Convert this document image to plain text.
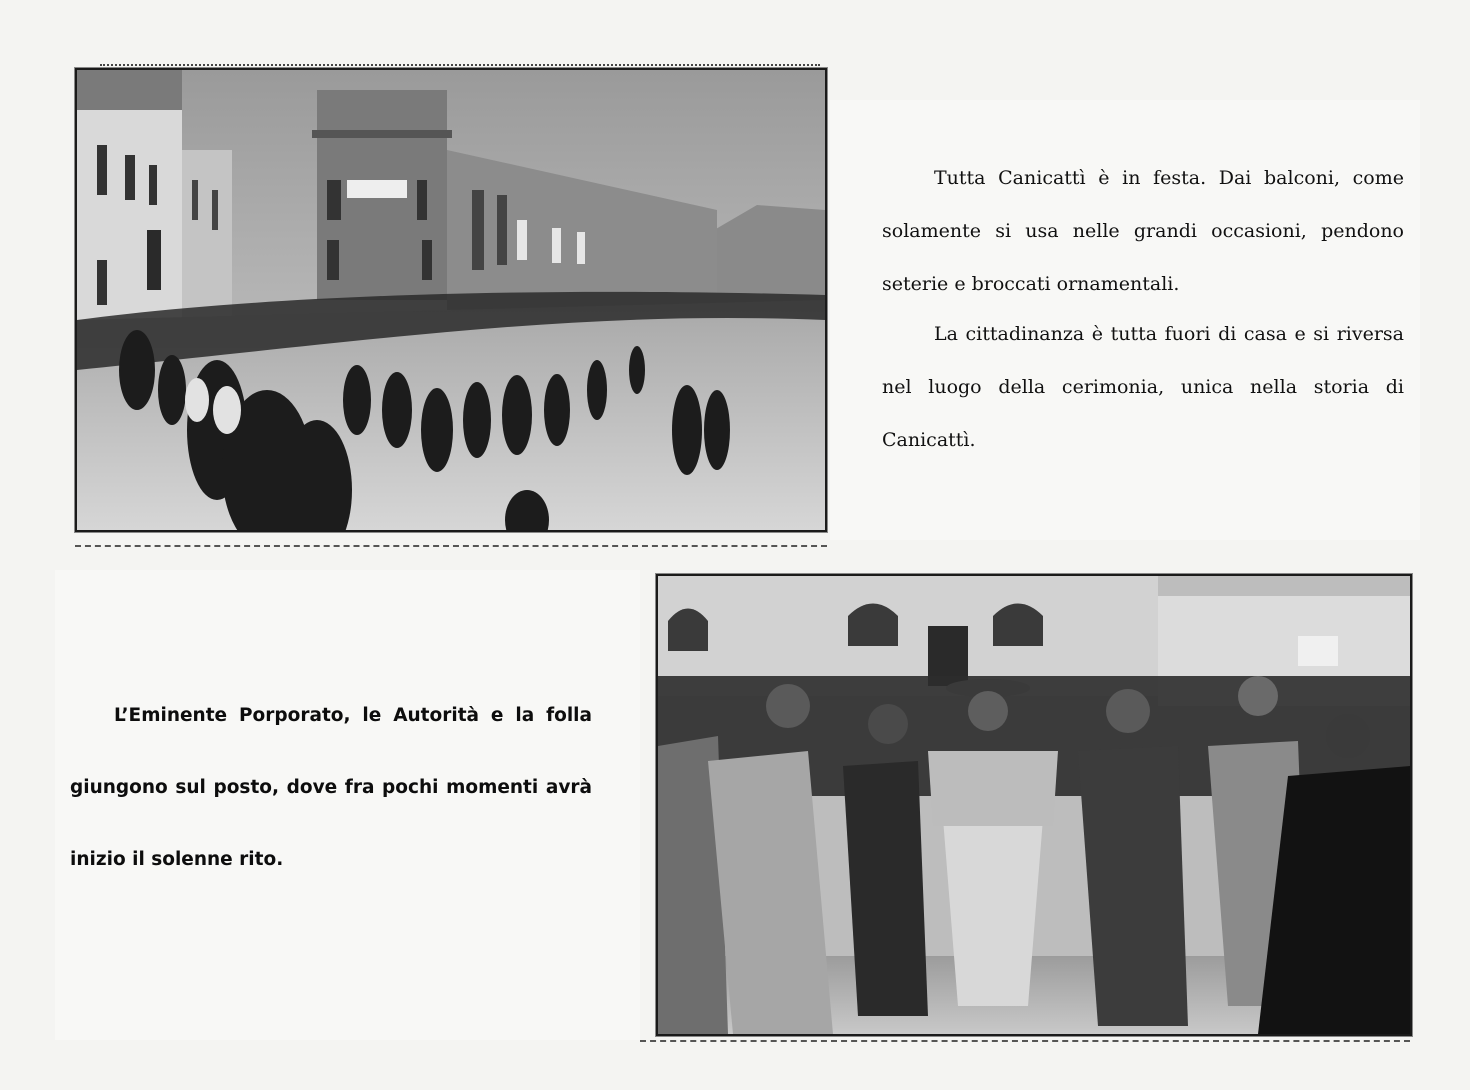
Tutta Canicattì è in festa. Dai balconi, come solamente si usa nelle grandi occasioni, pendono seterie e broccati ornamentali.

La cittadinanza è tutta fuori di casa e si riversa nel luogo della cerimonia, unica nella storia di Canicattì.

L’Eminente Porporato, le Autorità e la folla giungono sul posto, dove fra pochi momenti avrà inizio il solenne rito.
